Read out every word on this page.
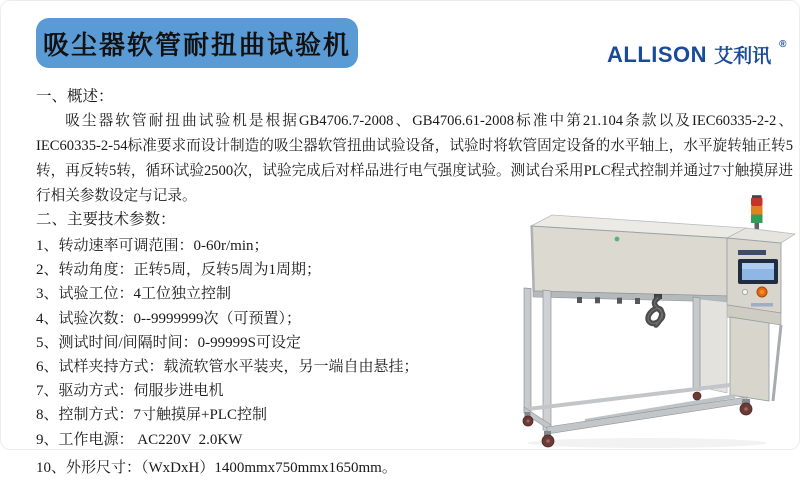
吸尘器软管耐扭曲试验机	ALLISON 艾利讯
®
一、概述：

吸尘器软管耐扭曲试验机是根据GB4706.7-2008、GB4706.61-2008标准中第21.104条款以及IEC60335-2-2、IEC60335-2-54标准要求而设计制造的吸尘器软管扭曲试验设备，试验时将软管固定设备的水平轴上，水平旋转轴正转5转，再反转5转，循环试验2500次，试验完成后对样品进行电气强度试验。测试台采用PLC程式控制并通过7寸触摸屏进行相关参数设定与记录。

二、主要技术参数：
1、转动速率可调范围：0-60r/min；
2、转动角度：正转5周，反转5周为1周期；
3、试验工位：4工位独立控制
4、试验次数：0--9999999次（可预置）；
5、测试时间/间隔时间：0-99999S可设定
6、试样夹持方式：载流软管水平装夹，另一端自由悬挂；
7、驱动方式：伺服步进电机
8、控制方式：7寸触摸屏+PLC控制
9、工作电源： AC220V  2.0KW
10、外形尺寸：（WxDxH）1400mmx750mmx1650mm。
